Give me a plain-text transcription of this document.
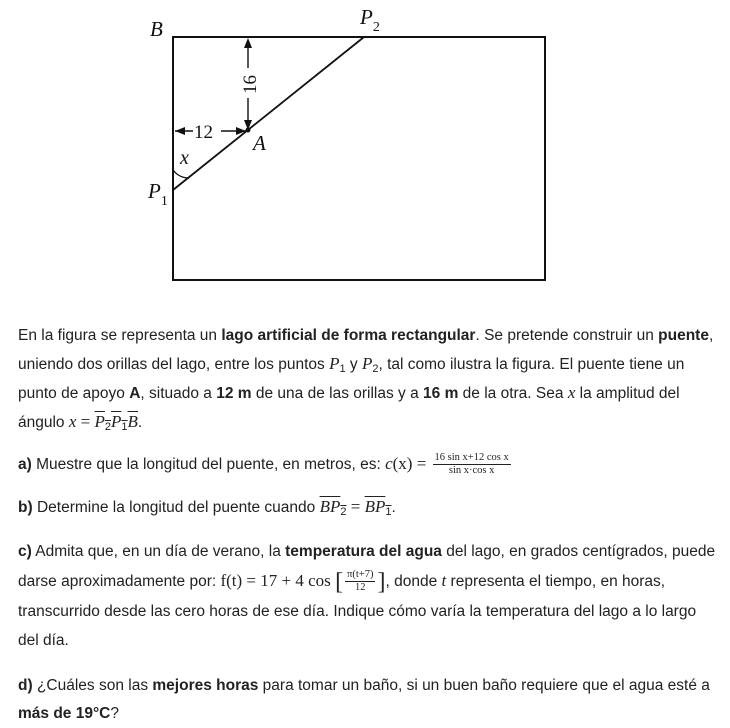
16
12
B	$P_2$
$P_1$
A
x
En la figura se representa un lago artificial de forma rectangular. Se pretende construir un puente, uniendo dos orillas del lago, entre los puntos $P_1$ y $P_2$, tal como ilustra la figura. El puente tiene un punto de apoyo A, situado a 12 m de una de las orillas y a 16 m de la otra. Sea x la amplitud del ángulo $x = P_2P_1B$.
a) Muestre que la longitud del puente, en metros, es: $c(x) = \frac{\text{16 sin x+12 cos x}}{\text{sin x·cos x}}$
b) Determine la longitud del puente cuando $BP_2 = BP_1$.
c) Admita que, en un día de verano, la temperatura del agua del lago, en grados centígrados, puede darse aproximadamente por: f(t) = 17 + 4 cos [ $\frac{\pi(t+7)}{12}$ ], donde t representa el tiempo, en horas, transcurrido desde las cero horas de ese día. Indique cómo varía la temperatura del lago a lo largo del día.
d) ¿Cuáles son las mejores horas para tomar un baño, si un buen baño requiere que el agua esté a más de 19°C?
